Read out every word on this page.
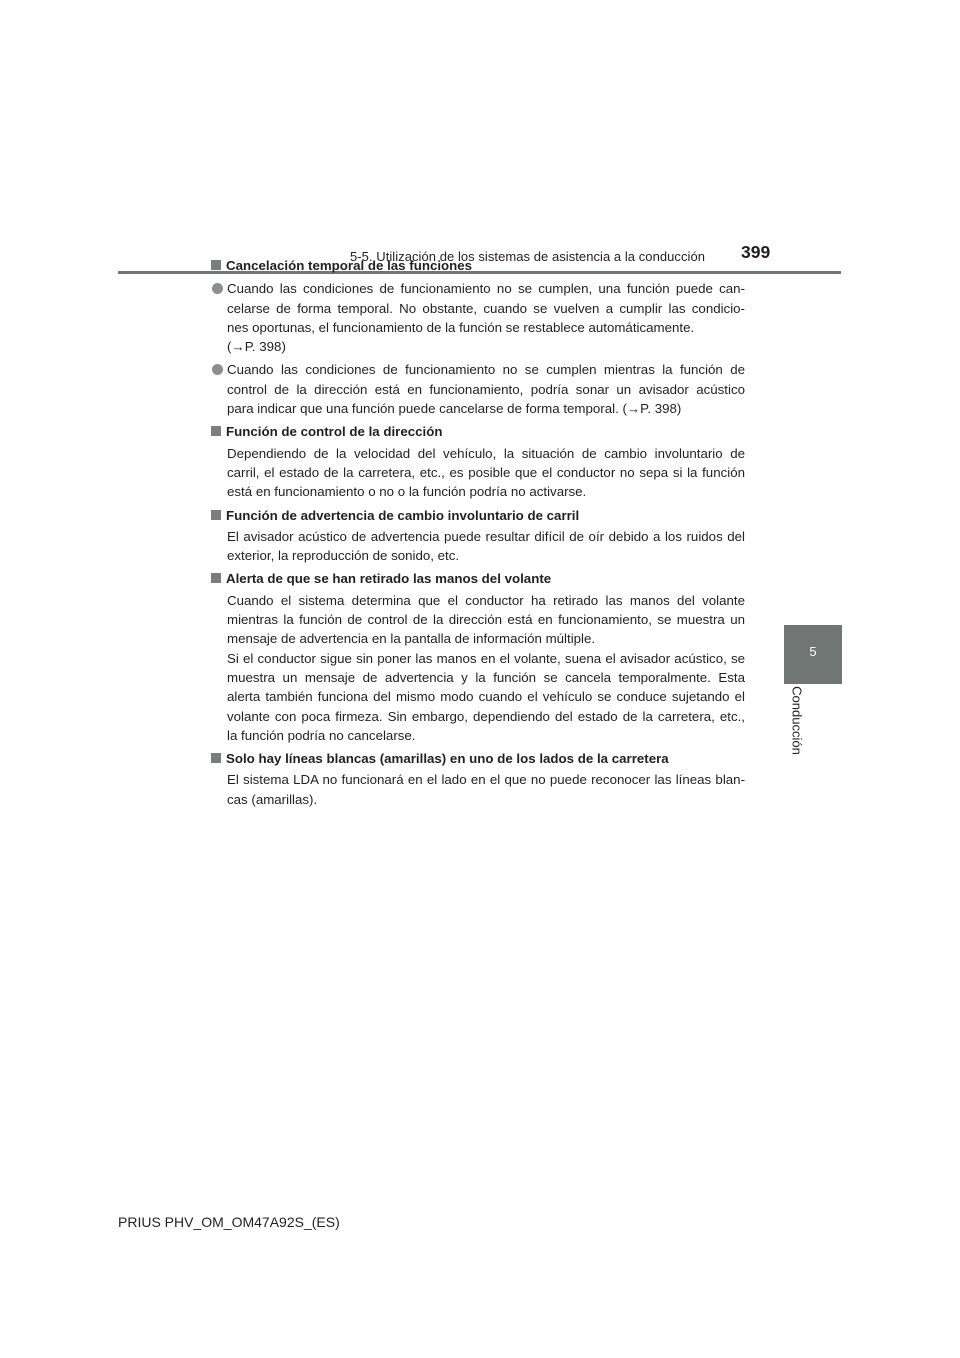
5-5. Utilización de los sistemas de asistencia a la conducción 399
5
Conducción
Cancelación temporal de las funciones
Cuando las condiciones de funcionamiento no se cumplen, una función puede can-
celarse de forma temporal. No obstante, cuando se vuelven a cumplir las condicio-
nes oportunas, el funcionamiento de la función se restablece automáticamente.
(→P. 398)
Cuando las condiciones de funcionamiento no se cumplen mientras la función de
control de la dirección está en funcionamiento, podría sonar un avisador acústico
para indicar que una función puede cancelarse de forma temporal. (→P. 398)
Función de control de la dirección
Dependiendo de la velocidad del vehículo, la situación de cambio involuntario de
carril, el estado de la carretera, etc., es posible que el conductor no sepa si la función
está en funcionamiento o no o la función podría no activarse.
Función de advertencia de cambio involuntario de carril
El avisador acústico de advertencia puede resultar difícil de oír debido a los ruidos del
exterior, la reproducción de sonido, etc.
Alerta de que se han retirado las manos del volante
Cuando el sistema determina que el conductor ha retirado las manos del volante
mientras la función de control de la dirección está en funcionamiento, se muestra un
mensaje de advertencia en la pantalla de información múltiple.
Si el conductor sigue sin poner las manos en el volante, suena el avisador acústico, se
muestra un mensaje de advertencia y la función se cancela temporalmente. Esta
alerta también funciona del mismo modo cuando el vehículo se conduce sujetando el
volante con poca firmeza. Sin embargo, dependiendo del estado de la carretera, etc.,
la función podría no cancelarse.
Solo hay líneas blancas (amarillas) en uno de los lados de la carretera
El sistema LDA no funcionará en el lado en el que no puede reconocer las líneas blan-
cas (amarillas).
PRIUS PHV_OM_OM47A92S_(ES)
